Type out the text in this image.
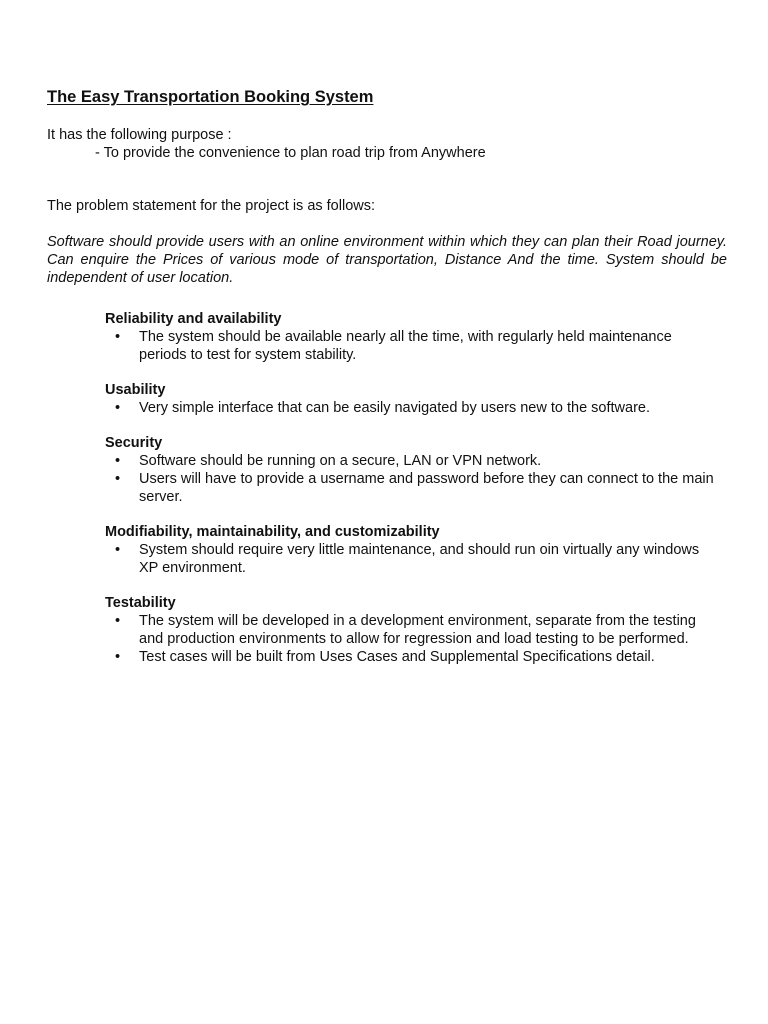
The Easy Transportation Booking System
It has the following purpose :
- To provide the convenience to plan road trip from Anywhere
The problem statement for the project is as follows:
Software should provide users with an online environment within which they can plan their Road journey. Can enquire the Prices of various mode of transportation, Distance And the time. System should be independent of user location.
Reliability and availability
• The system should be available nearly all the time, with regularly held maintenance periods to test for system stability.
Usability
• Very simple interface that can be easily navigated by users new to the software.
Security
• Software should be running on a secure, LAN or VPN network.
• Users will have to provide a username and password before they can connect to the main server.
Modifiability, maintainability, and customizability
• System should require very little maintenance, and should run oin virtually any windows XP environment.
Testability
• The system will be developed in a development environment, separate from the testing and production environments to allow for regression and load testing to be performed.
• Test cases will be built from Uses Cases and Supplemental Specifications detail.
